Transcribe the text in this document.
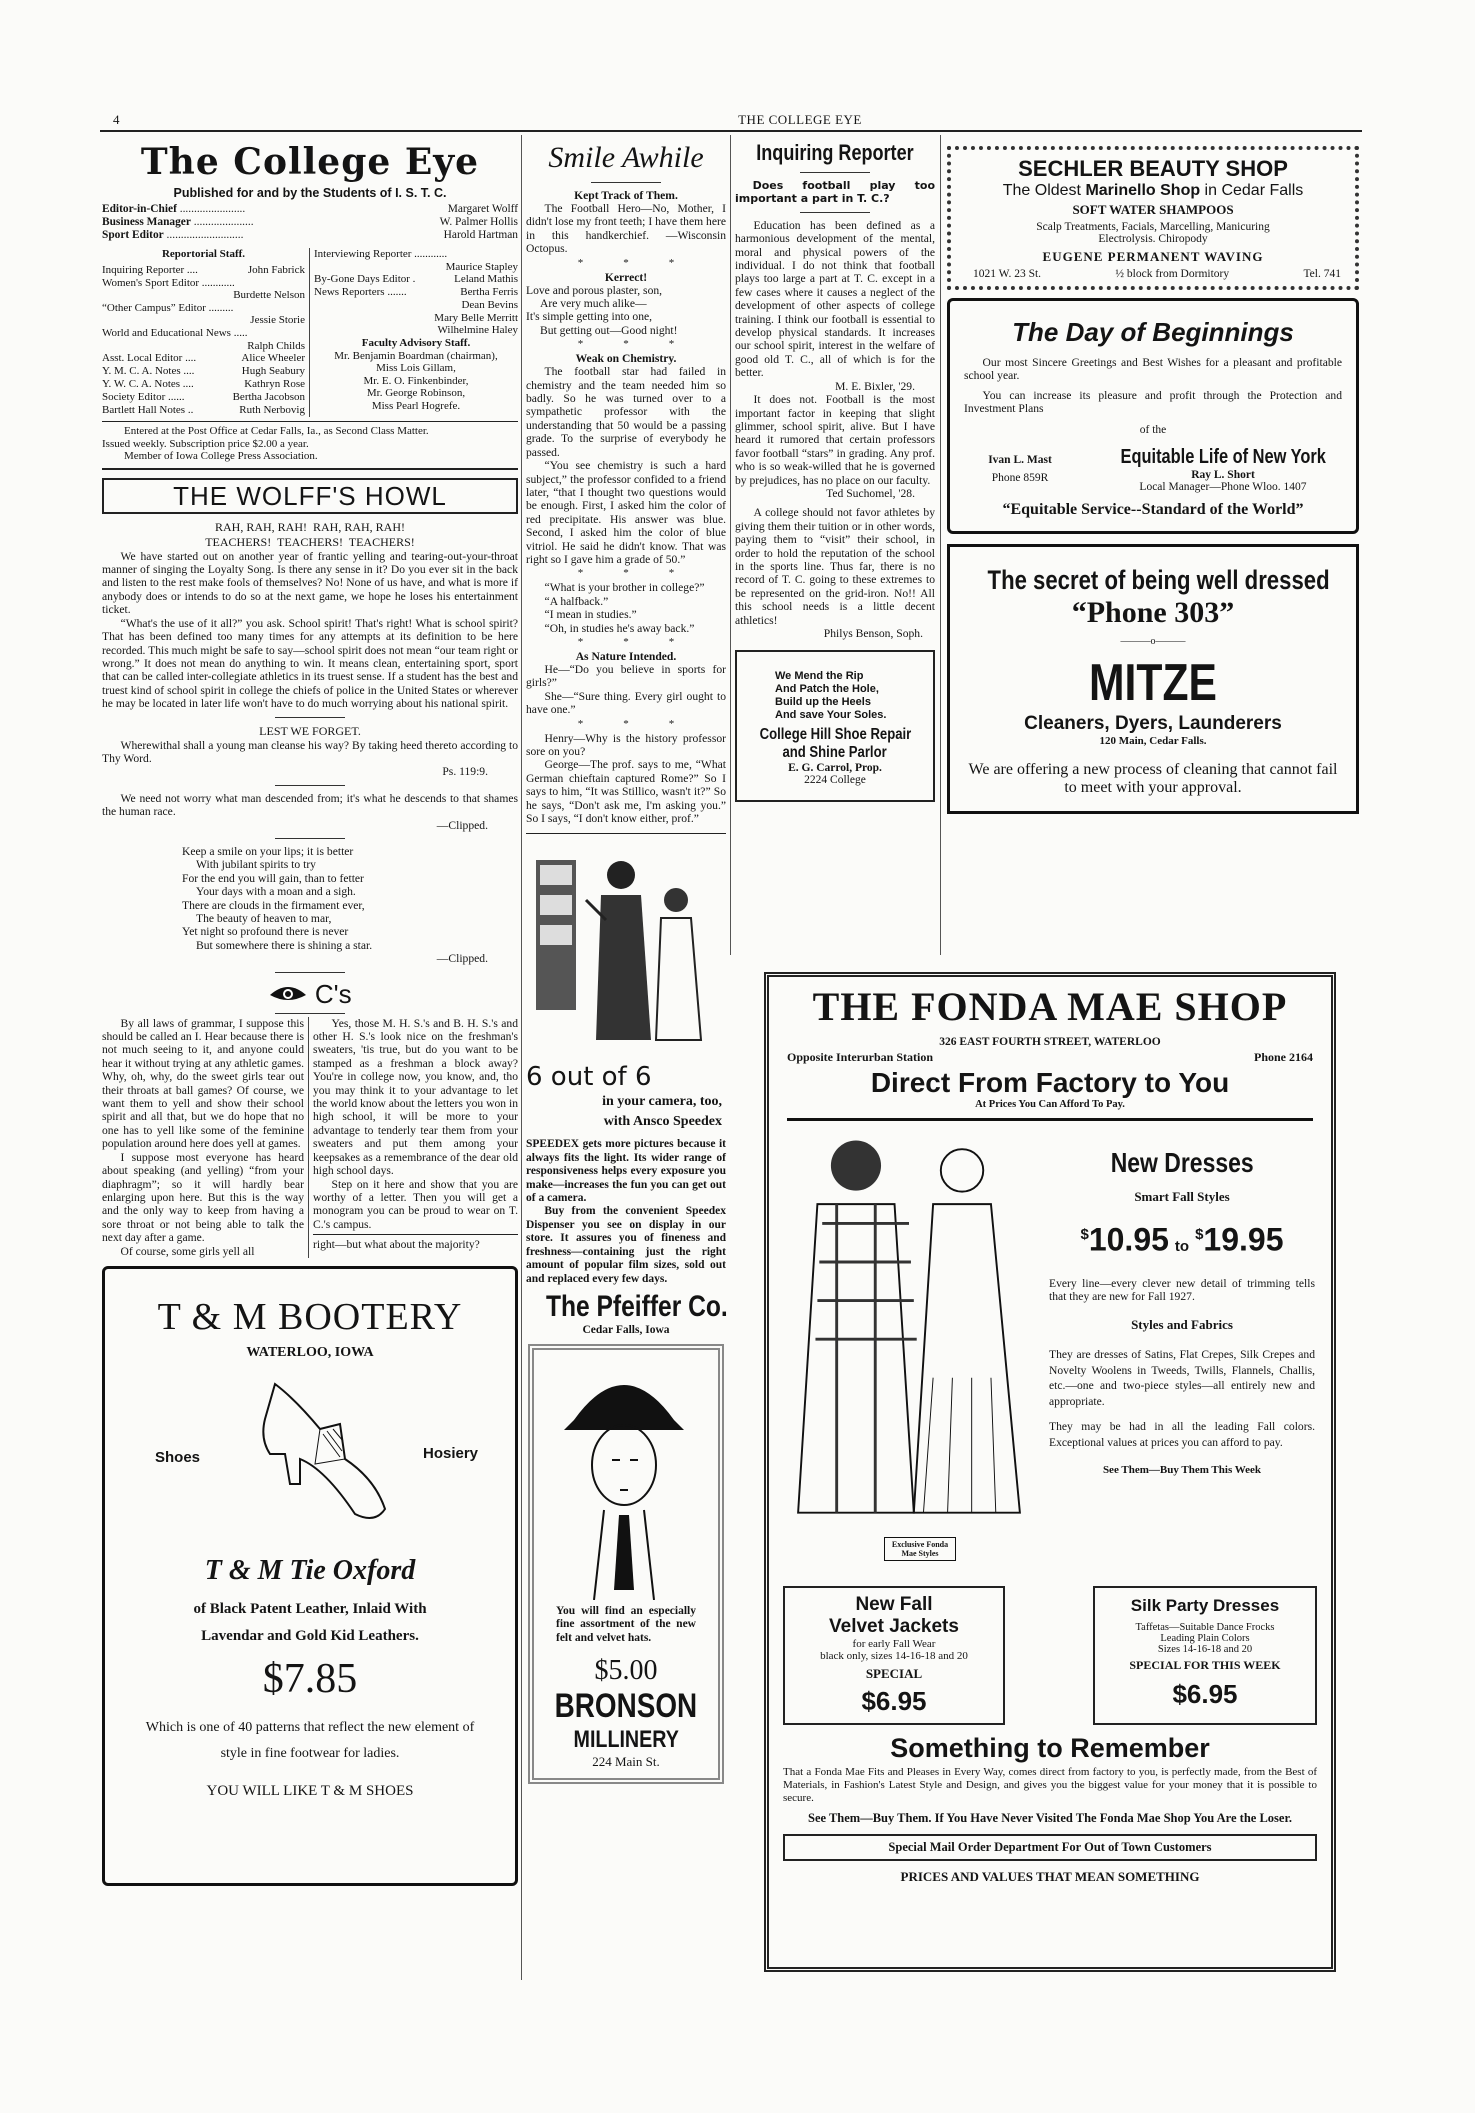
4	THE COLLEGE EYE
The College Eye
Published for and by the Students of I. S. T. C.
Editor-in-Chief .......................	Margaret Wolff
Business Manager .....................	W. Palmer Hollis
Sport Editor ...........................	Harold Hartman
Reportorial Staff.
Inquiring Reporter ....	John Fabrick
Women's Sport Editor ............
Burdette Nelson
“Other Campus” Editor .........
Jessie Storie
World and Educational News .....
Ralph Childs
Asst. Local Editor ....	Alice Wheeler
Y. M. C. A. Notes ....	Hugh Seabury
Y. W. C. A. Notes ....	Kathryn Rose
Society Editor ......	Bertha Jacobson
Bartlett Hall Notes ..	Ruth Nerbovig
Interviewing Reporter ............
Maurice Stapley
By-Gone Days Editor .	Leland Mathis
News Reporters .......	Bertha Ferris
Dean Bevins
Mary Belle Merritt
Wilhelmine Haley
Faculty Advisory Staff.
Mr. Benjamin Boardman (chairman),
Miss Lois Gillam,
Mr. E. O. Finkenbinder,
Mr. George Robinson,
Miss Pearl Hogrefe.
Entered at the Post Office at Cedar Falls, Ia., as Second Class Matter.
Issued weekly. Subscription price $2.00 a year.
Member of Iowa College Press Association.
THE WOLFF'S HOWL
RAH, RAH, RAH!  RAH, RAH, RAH!
TEACHERS!  TEACHERS!  TEACHERS!

We have started out on another year of frantic yelling and tearing-out-your-throat manner of singing the Loyalty Song. Is there any sense in it? Do you ever sit in the back and listen to the rest make fools of themselves? No! None of us have, and what is more if anybody does or intends to do so at the next game, we hope he loses his entertainment ticket.

“What's the use of it all?” you ask. School spirit! That's right! What is school spirit? That has been defined too many times for any attempts at its definition to be here recorded. This much might be safe to say—school spirit does not mean “our team right or wrong.” It does not mean do anything to win. It means clean, entertaining sport, sport that can be called inter-collegiate athletics in its truest sense. If a student has the best and truest kind of school spirit in college the chiefs of police in the United States or wherever he may be located in later life won't have to do much worrying about his national spirit.

LEST WE FORGET.

Wherewithal shall a young man cleanse his way? By taking heed thereto according to Thy Word.

Ps. 119:9.

We need not worry what man descended from; it's what he descends to that shames the human race.

—Clipped.

Keep a smile on your lips; it is better
With jubilant spirits to try
For the end you will gain, than to fetter
Your days with a moan and a sigh.
There are clouds in the firmament ever,
The beauty of heaven to mar,
Yet night so profound there is never
But somewhere there is shining a star.

—Clipped.

C's

By all laws of grammar, I suppose this should be called an I. Hear because there is not much seeing to it, and anyone could hear it without trying at any athletic games. Why, oh, why, do the sweet girls tear out their throats at ball games? Of course, we want them to yell and show their school spirit and all that, but we do hope that no one has to yell like some of the feminine population around here does yell at games.

I suppose most everyone has heard about speaking (and yelling) “from your diaphragm”; so it will hardly bear enlarging upon here. But this is the way and the only way to keep from having a sore throat or not being able to talk the next day after a game.

Of course, some girls yell all

Yes, those M. H. S.'s and B. H. S.'s and other H. S.'s look nice on the freshman's sweaters, 'tis true, but do you want to be stamped as a freshman a block away? You're in college now, you know, and, tho you may think it to your advantage to let the world know about the letters you won in high school, it will be more to your advantage to tenderly tear them from your sweaters and put them among your keepsakes as a remembrance of the dear old high school days.

Step on it here and show that you are worthy of a letter. Then you will get a monogram you can be proud to wear on T. C.'s campus.

right—but what about the majority?

T & M BOOTERY
WATERLOO, IOWA
Shoes	Hosiery
T & M Tie Oxford
of Black Patent Leather, Inlaid With
Lavendar and Gold Kid Leathers.
$7.85
Which is one of 40 patterns that reflect the new element of style in fine footwear for ladies.
YOU WILL LIKE T & M SHOES
Smile Awhile
Kept Track of Them.

The Football Hero—No, Mother, I didn't lose my front teeth; I have them here in this handkerchief. —Wisconsin Octopus.

***
Kerrect!
Love and porous plaster, son,
Are very much alike—
It's simple getting into one,
But getting out—Good night!
***
Weak on Chemistry.

The football star had failed in chemistry and the team needed him so badly. So he was turned over to a sympathetic professor with the understanding that 50 would be a passing grade. To the surprise of everybody he passed.

“You see chemistry is such a hard subject,” the professor confided to a friend later, “that I thought two questions would be enough. First, I asked him the color of red precipitate. His answer was blue. Second, I asked him the color of blue vitriol. He said he didn't know. That was right so I gave him a grade of 50.”

***

“What is your brother in college?”

“A halfback.”

“I mean in studies.”

“Oh, in studies he's away back.”

***
As Nature Intended.

He—“Do you believe in sports for girls?”

She—“Sure thing. Every girl ought to have one.”

***

Henry—Why is the history professor sore on you?

George—The prof. says to me, “What German chieftain captured Rome?” So I says to him, “It was Stillico, wasn't it?” So he says, “Don't ask me, I'm asking you.” So I says, “I don't know either, prof.”

6 out of 6
in your camera, too,
with Ansco Speedex

SPEEDEX gets more pictures because it always fits the light. Its wider range of responsiveness helps every exposure you make—increases the fun you can get out of a camera.

Buy from the convenient Speedex Dispenser you see on display in our store. It assures you of fineness and freshness—containing just the right amount of popular film sizes, sold out and replaced every few days.

The Pfeiffer Co.
Cedar Falls, Iowa
You will find an especially fine assortment of the new felt and velvet hats.
$5.00
BRONSON
MILLINERY
224 Main St.
Inquiring Reporter

Does football play too important a part in T. C.?

Education has been defined as a harmonious development of the mental, moral and physical powers of the individual. I do not think that football plays too large a part at T. C. except in a few cases where it causes a neglect of the development of other aspects of college training. I think our football is essential to develop physical standards. It increases our school spirit, interest in the welfare of good old T. C., all of which is for the better.

M. E. Bixler, '29.

It does not. Football is the most important factor in keeping that slight glimmer, school spirit, alive. But I have heard it rumored that certain professors favor football “stars” in grading. Any prof. who is so weak-willed that he is governed by prejudices, has no place on our faculty.

Ted Suchomel, '28.

A college should not favor athletes by giving them their tuition or in other words, paying them to “visit” their school, in order to hold the reputation of the school in the sports line. Thus far, there is no record of T. C. going to these extremes to be represented on the grid-iron. No!! All this school needs is a little decent athletics!

Philys Benson, Soph.

We Mend the Rip
And Patch the Hole,
Build up the Heels
And save Your Soles.
College Hill Shoe Repair
and Shine Parlor
E. G. Carrol, Prop.
2224 College
SECHLER BEAUTY SHOP
The Oldest Marinello Shop in Cedar Falls
SOFT WATER SHAMPOOS
Scalp Treatments, Facials, Marcelling, Manicuring
Electrolysis. Chiropody
EUGENE PERMANENT WAVING
1021 W. 23 St.	½ block from Dormitory	Tel. 741
The Day of Beginnings

Our most Sincere Greetings and Best Wishes for a pleasant and profitable school year.

You can increase its pleasure and profit through the Protection and Investment Plans

of the
Ivan L. Mast
Phone 859R
Equitable Life of New York
Ray L. Short
Local Manager—Phone Wloo. 1407
“Equitable Service--Standard of the World”
The secret of being well dressed
“Phone 303”
———o———
MITZE
Cleaners, Dyers, Launderers
120 Main, Cedar Falls.
We are offering a new process of cleaning that cannot fail to meet with your approval.
THE FONDA MAE SHOP
326 EAST FOURTH STREET, WATERLOO
Opposite Interurban Station	Phone 2164
Direct From Factory to You
At Prices You Can Afford To Pay.
Exclusive Fonda Mae Styles
New Dresses
Smart Fall Styles
$10.95 to$19.95

Every line—every clever new detail of trimming tells that they are new for Fall 1927.

Styles and Fabrics

They are dresses of Satins, Flat Crepes, Silk Crepes and Novelty Woolens in Tweeds, Twills, Flannels, Challis, etc.—one and two-piece styles—all entirely new and appropriate.

They may be had in all the leading Fall colors. Exceptional values at prices you can afford to pay.

See Them—Buy Them This Week
New Fall
Velvet Jackets
for early Fall Wear
black only, sizes 14-16-18 and 20
SPECIAL
$6.95
Silk Party Dresses
Taffetas—Suitable Dance Frocks
Leading Plain Colors
Sizes 14-16-18 and 20
SPECIAL FOR THIS WEEK
$6.95
Something to Remember

That a Fonda Mae Fits and Pleases in Every Way, comes direct from factory to you, is perfectly made, from the Best of Materials, in Fashion's Latest Style and Design, and gives you the biggest value for your money that it is possible to secure.

See Them—Buy Them. If You Have Never Visited The Fonda Mae Shop You Are the Loser.
Special Mail Order Department For Out of Town Customers
PRICES AND VALUES THAT MEAN SOMETHING
